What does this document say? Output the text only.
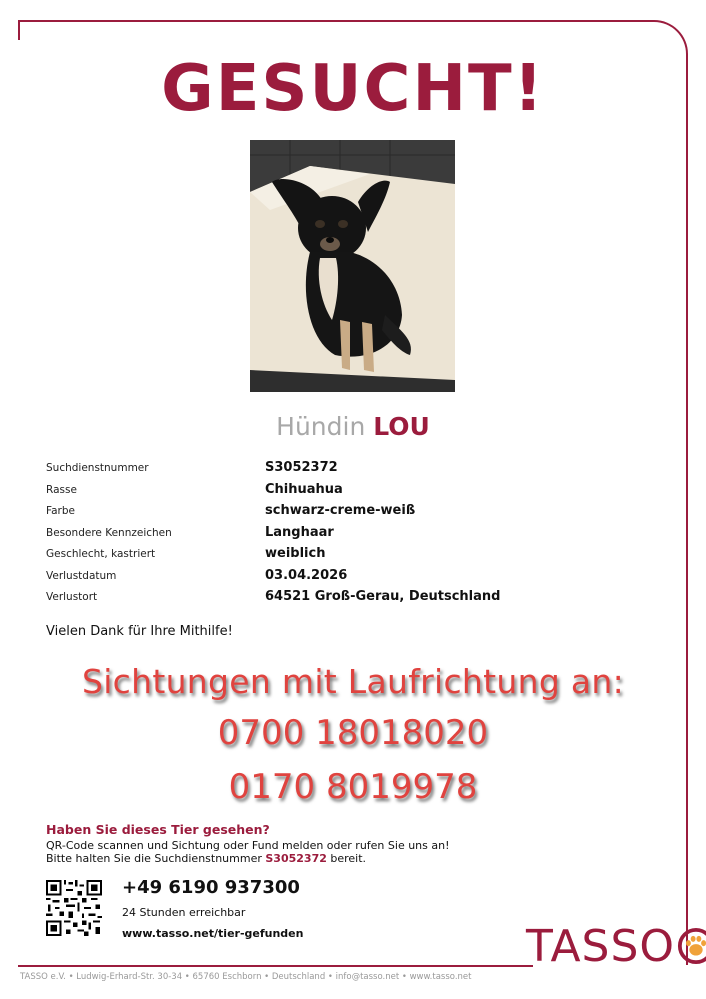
GESUCHT!
Hündin LOU
Suchdienstnummer	S3052372
Rasse	Chihuahua
Farbe	schwarz-creme-weiß
Besondere Kennzeichen	Langhaar
Geschlecht, kastriert	weiblich
Verlustdatum	03.04.2026
Verlustort	64521 Groß-Gerau, Deutschland
Vielen Dank für Ihre Mithilfe!
Sichtungen mit Laufrichtung an:
0700 18018020
0170 8019978
Haben Sie dieses Tier gesehen?
QR-Code scannen und Sichtung oder Fund melden oder rufen Sie uns an!
Bitte halten Sie die Suchdienstnummer S3052372 bereit.
+49 6190 937300
24 Stunden erreichbar
www.tasso.net/tier-gefunden	TASSO
TASSO e.V. • Ludwig-Erhard-Str. 30-34 • 65760 Eschborn • Deutschland • info@tasso.net • www.tasso.net
